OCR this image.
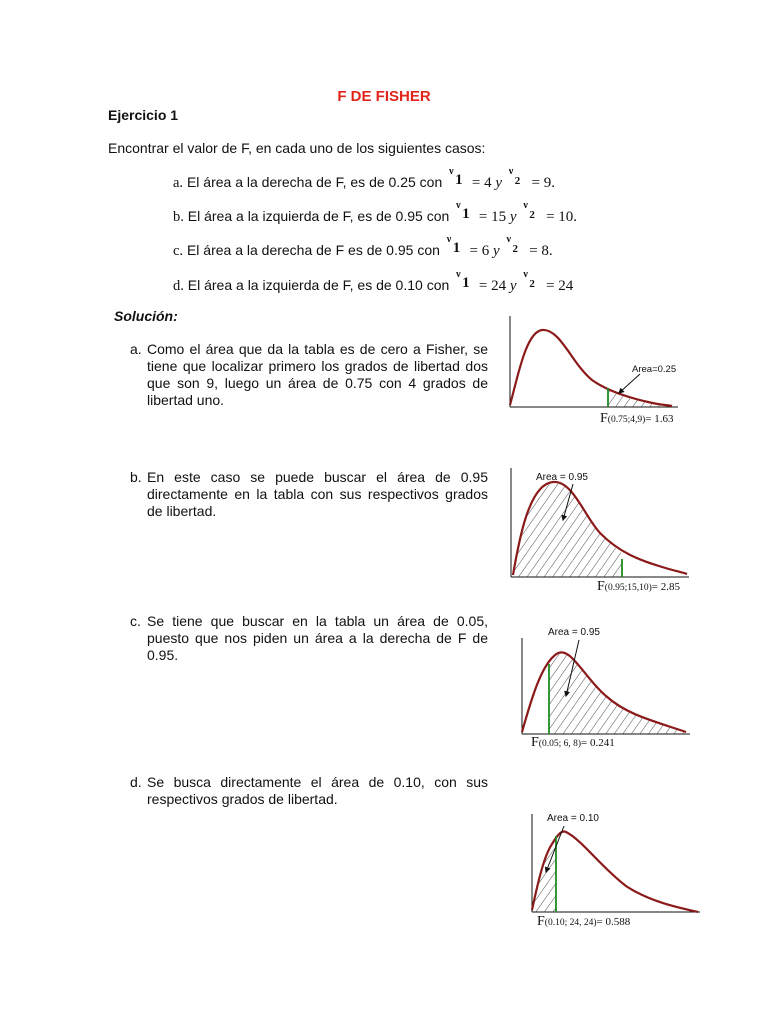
F DE FISHER
Ejercicio 1
Encontrar el valor de F, en cada uno de los siguientes casos:
a. El área a la derecha de F, es de 0.25 con
ν
1 = 4 y
ν
2 = 9.
b. El área a la izquierda de F, es de 0.95 con
ν
1 = 15 y
ν
2 = 10.
c. El área a la derecha de F es de 0.95 con
ν
1 = 6 y
ν
2 = 8.
d. El área a la izquierda de F, es de 0.10 con
ν
1 = 24 y
ν
2 = 24
Solución:
a. Como el área que da la tabla es de cero a Fisher, se tiene que localizar primero los grados de libertad dos que son 9, luego un área de 0.75 con 4 grados de libertad uno.
b. En este caso se puede buscar el área de 0.95 directamente en la tabla con sus respectivos grados de libertad.
c. Se tiene que buscar en la tabla un área de 0.05, puesto que nos piden un área a la derecha de F de 0.95.
d. Se busca directamente el área de 0.10, con sus respectivos grados de libertad.
Area=0.25
F(0.75;4,9)= 1.63
Area = 0.95
F(0.95;15,10)= 2.85
Area = 0.95
F(0.05; 6, 8)= 0.241
Area = 0.10
F(0.10; 24, 24)= 0.588
